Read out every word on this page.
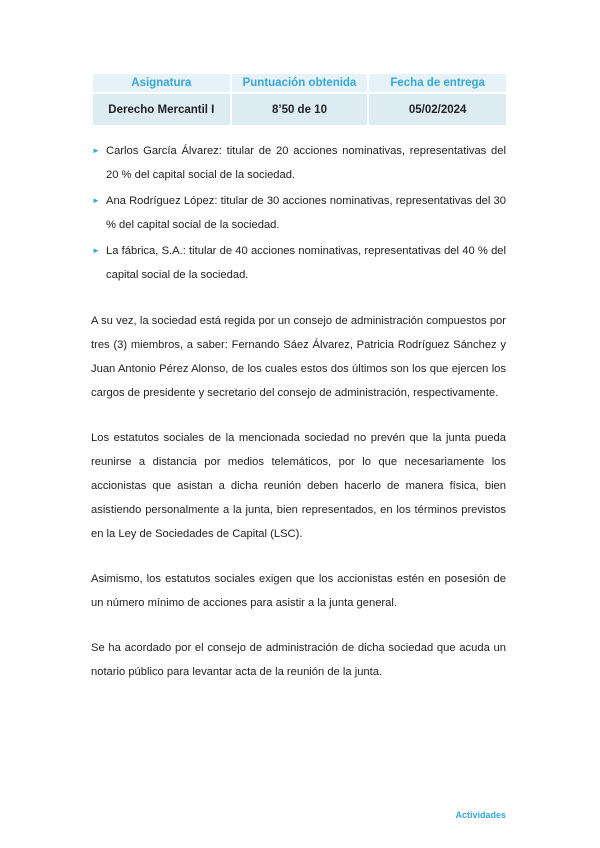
Asignatura	Puntuación obtenida	Fecha de entrega
Derecho Mercantil I	8’50 de 10	05/02/2024
► Carlos García Álvarez: titular de 20 acciones nominativas, representativas del 20 % del capital social de la sociedad.
► Ana Rodríguez López: titular de 30 acciones nominativas, representativas del 30 % del capital social de la sociedad.
► La fábrica, S.A.: titular de 40 acciones nominativas, representativas del 40 % del capital social de la sociedad.

A su vez, la sociedad está regida por un consejo de administración compuestos por tres (3) miembros, a saber: Fernando Sáez Álvarez, Patricia Rodríguez Sánchez y Juan Antonio Pérez Alonso, de los cuales estos dos últimos son los que ejercen los cargos de presidente y secretario del consejo de administración, respectivamente.

Los estatutos sociales de la mencionada sociedad no prevén que la junta pueda reunirse a distancia por medios telemáticos, por lo que necesariamente los accionistas que asistan a dicha reunión deben hacerlo de manera física, bien asistiendo personalmente a la junta, bien representados, en los términos previstos en la Ley de Sociedades de Capital (LSC).

Asimismo, los estatutos sociales exigen que los accionistas estén en posesión de un número mínimo de acciones para asistir a la junta general.

Se ha acordado por el consejo de administración de dicha sociedad que acuda un notario público para levantar acta de la reunión de la junta.

Actividades
